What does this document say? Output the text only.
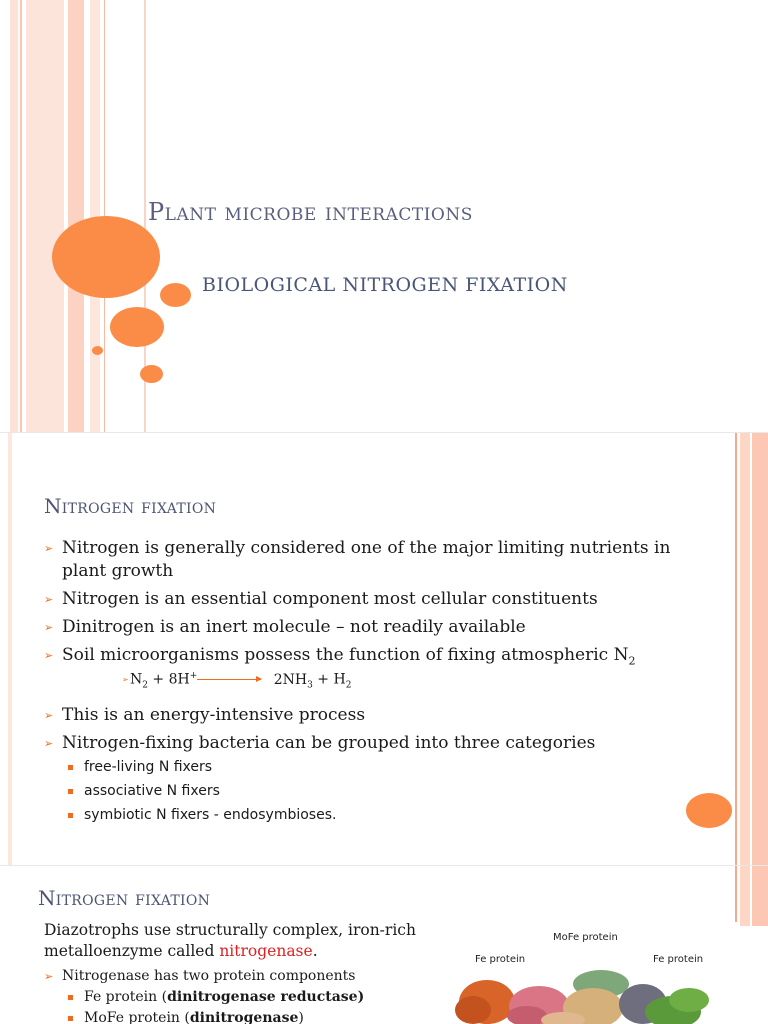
Plant microbe interactions
BIOLOGICAL NITROGEN FIXATION
Nitrogen fixation
➢ Nitrogen is generally considered one of the major limiting nutrients in plant growth
➢ Nitrogen is an essential component most cellular constituents
➢ Dinitrogen is an inert molecule – not readily available
➢ Soil microorganisms possess the function of fixing atmospheric $N_2$
➢ This is an energy-intensive process
➢ Nitrogen-fixing bacteria can be grouped into three categories
free-living N fixers
associative N fixers
symbiotic N fixers - endosymbioses.
➢ $N_2 + 8H^+$	$2NH_3 + H_2$
Nitrogen fixation
Diazotrophs use structurally complex, iron-rich metalloenzyme called nitrogenase.
➢ Nitrogenase has two protein components
Fe protein (dinitrogenase reductase)
MoFe protein (dinitrogenase)
MoFe protein
Fe protein	Fe protein
